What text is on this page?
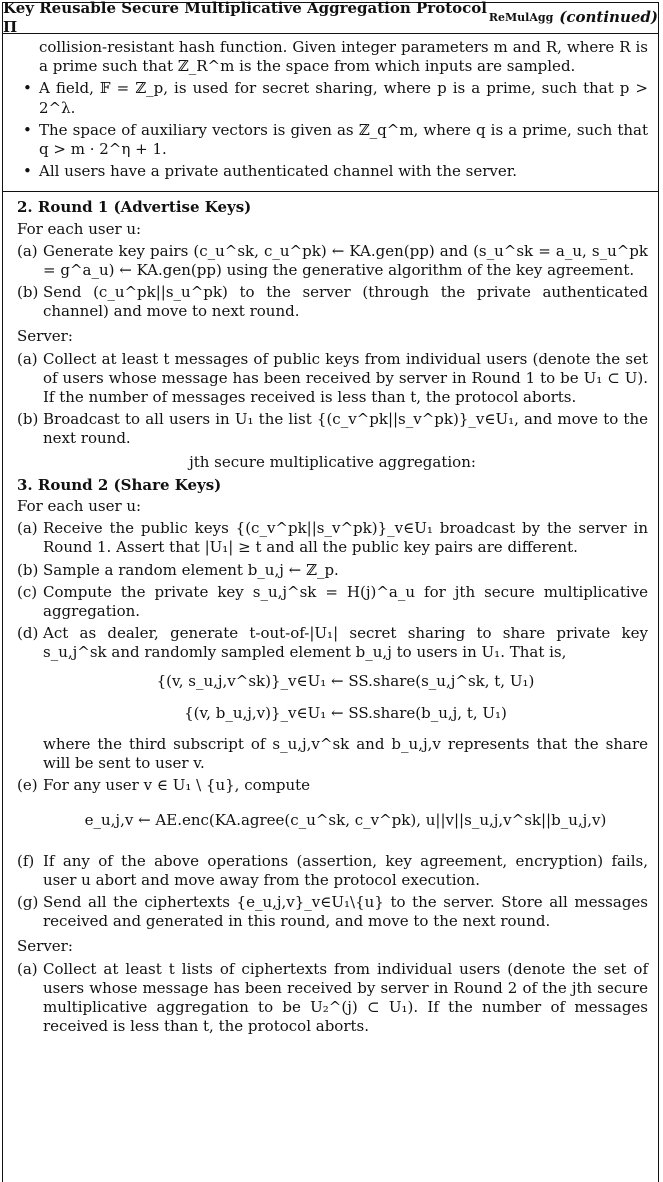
Key Reusable Secure Multiplicative Aggregation Protocol Π
ReMulAgg (continued)

collision-resistant hash function. Given integer parameters m and R, where R is a prime such that ℤ_R^m is the space from which inputs are sampled.

• A field, 𝔽 = ℤ_p, is used for secret sharing, where p is a prime, such that p > 2^λ.
• The space of auxiliary vectors is given as ℤ_q^m, where q is a prime, such that q > m · 2^η + 1.
• All users have a private authenticated channel with the server.
2. Round 1 (Advertise Keys)
For each user u:
(a) Generate key pairs (c_u^sk, c_u^pk) ← KA.gen(pp) and (s_u^sk = a_u, s_u^pk = g^a_u) ← KA.gen(pp) using the generative algorithm of the key agreement.
(b) Send (c_u^pk||s_u^pk) to the server (through the private authenticated channel) and move to next round.
Server:
(a) Collect at least t messages of public keys from individual users (denote the set of users whose message has been received by server in Round 1 to be U₁ ⊂ U). If the number of messages received is less than t, the protocol aborts.
(b) Broadcast to all users in U₁ the list {(c_v^pk||s_v^pk)}_v∈U₁, and move to the next round.
jth secure multiplicative aggregation:
3. Round 2 (Share Keys)
For each user u:
(a) Receive the public keys {(c_v^pk||s_v^pk)}_v∈U₁ broadcast by the server in Round 1. Assert that |U₁| ≥ t and all the public key pairs are different.
(b) Sample a random element b_u,j ← ℤ_p.
(c) Compute the private key s_u,j^sk = H(j)^a_u for jth secure multiplicative aggregation.
(d) Act as dealer, generate t-out-of-|U₁| secret sharing to share private key s_u,j^sk and randomly sampled element b_u,j to users in U₁. That is,
{(v, s_u,j,v^sk)}_v∈U₁ ← SS.share(s_u,j^sk, t, U₁)
{(v, b_u,j,v)}_v∈U₁ ← SS.share(b_u,j, t, U₁)
where the third subscript of s_u,j,v^sk and b_u,j,v represents that the share will be sent to user v.
(e) For any user v ∈ U₁ \ {u}, compute
e_u,j,v ← AE.enc(KA.agree(c_u^sk, c_v^pk), u||v||s_u,j,v^sk||b_u,j,v)
(f) If any of the above operations (assertion, key agreement, encryption) fails, user u abort and move away from the protocol execution.
(g) Send all the ciphertexts {e_u,j,v}_v∈U₁\{u} to the server. Store all messages received and generated in this round, and move to the next round.
Server:
(a) Collect at least t lists of ciphertexts from individual users (denote the set of users whose message has been received by server in Round 2 of the jth secure multiplicative aggregation to be U₂^(j) ⊂ U₁). If the number of messages received is less than t, the protocol aborts.
